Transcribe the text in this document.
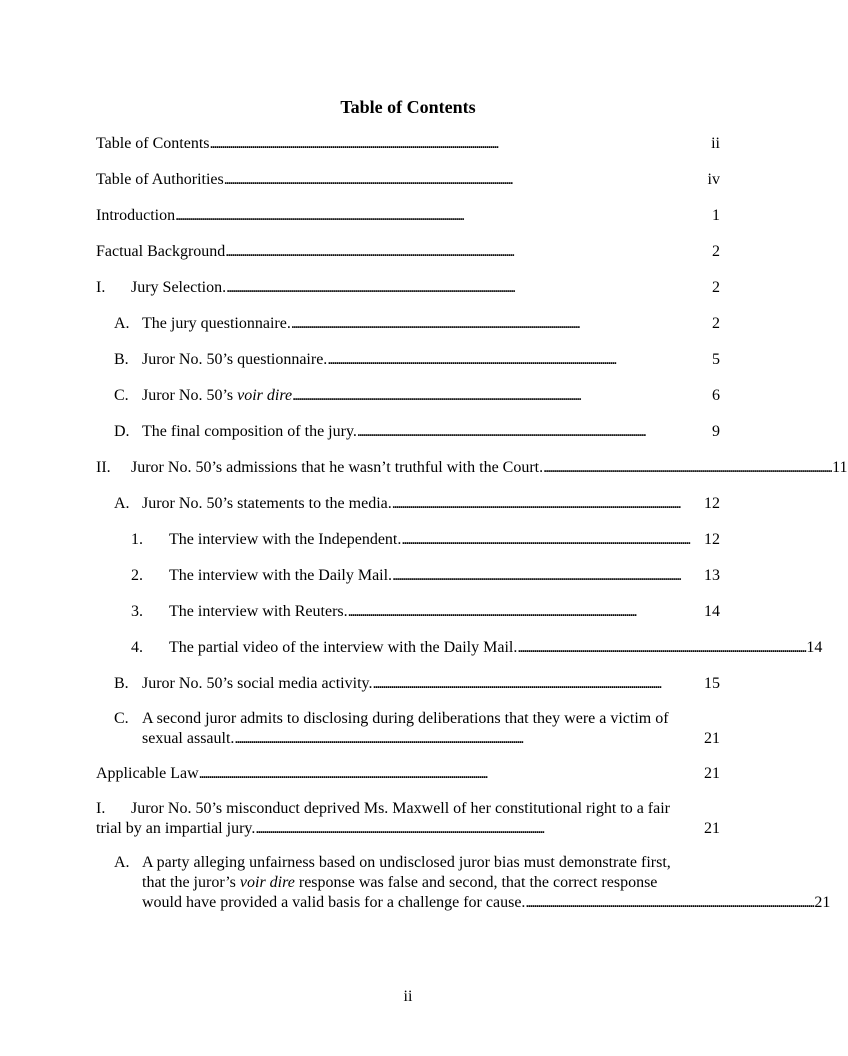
Table of Contents
Table of Contents . . .	ii
Table of Authorities . . .	iv
Introduction . . .	1
Factual Background . . .	2
I.	Jury Selection. . . .	2
A. The jury questionnaire. . . .	2
B. Juror No. 50’s questionnaire. . . .	5
C. Juror No. 50’s voir dire . . .	6
D. The final composition of the jury. . . .	9
II.	Juror No. 50’s admissions that he wasn’t truthful with the Court. . . .	11
A. Juror No. 50’s statements to the media. . . .	12
1.	The interview with the Independent. . . .	12
2.	The interview with the Daily Mail. . . .	13
3.	The interview with Reuters. . . .	14
4.	The partial video of the interview with the Daily Mail. . . .	14
B. Juror No. 50’s social media activity. . . .	15
C. A second juror admits to disclosing during deliberations that they were a victim of
sexual assault. . . .	21
Applicable Law . . .	21
I. Juror No. 50’s misconduct deprived Ms. Maxwell of her constitutional right to a fair
trial by an impartial jury. . . .	21
A. A party alleging unfairness based on undisclosed juror bias must demonstrate first,
that the juror’s voir dire response was false and second, that the correct response
would have provided a valid basis for a challenge for cause. . . .	21
ii
